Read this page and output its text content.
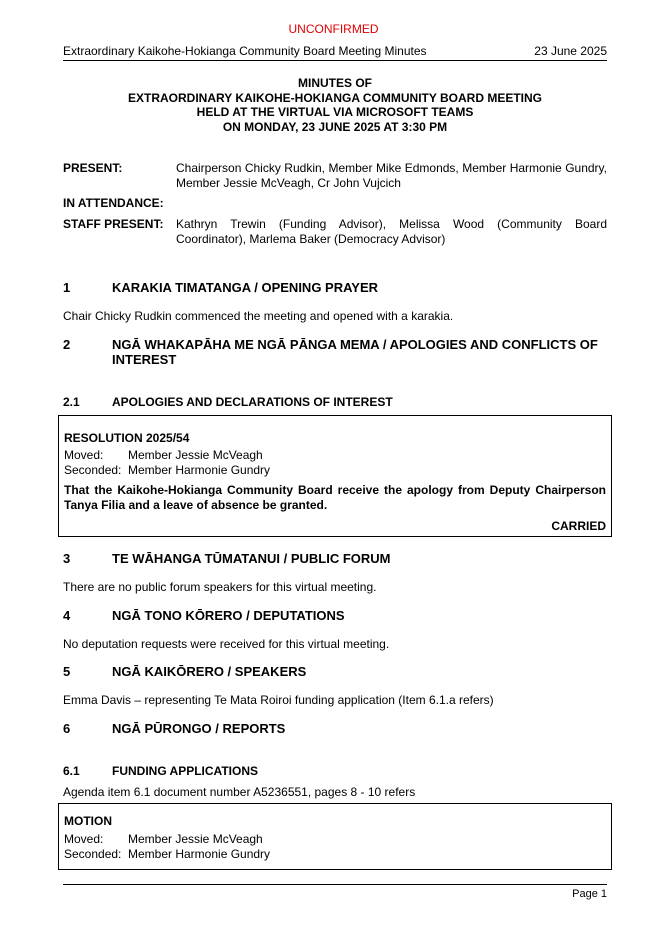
UNCONFIRMED
Extraordinary Kaikohe-Hokianga Community Board Meeting Minutes	23 June 2025
MINUTES OF
EXTRAORDINARY KAIKOHE-HOKIANGA COMMUNITY BOARD MEETING
HELD AT THE VIRTUAL VIA MICROSOFT TEAMS
ON MONDAY, 23 JUNE 2025 AT 3:30 PM
PRESENT:	Chairperson Chicky Rudkin, Member Mike Edmonds, Member Harmonie Gundry, Member Jessie McVeagh, Cr John Vujcich
IN ATTENDANCE:
STAFF PRESENT: Kathryn Trewin (Funding Advisor), Melissa Wood (Community Board Coordinator), Marlema Baker (Democracy Advisor)
1	KARAKIA TIMATANGA / OPENING PRAYER
Chair Chicky Rudkin commenced the meeting and opened with a karakia.
2	NGĀ WHAKAPĀHA ME NGĀ PĀNGA MEMA / APOLOGIES AND CONFLICTS OF INTEREST
2.1	APOLOGIES AND DECLARATIONS OF INTEREST
RESOLUTION 2025/54
Moved: Member Jessie McVeagh
Seconded: Member Harmonie Gundry
That the Kaikohe-Hokianga Community Board receive the apology from Deputy Chairperson Tanya Filia and a leave of absence be granted.
CARRIED
3	TE WĀHANGA TŪMATANUI / PUBLIC FORUM
There are no public forum speakers for this virtual meeting.
4	NGĀ TONO KŌRERO / DEPUTATIONS
No deputation requests were received for this virtual meeting.
5	NGĀ KAIKŌRERO / SPEAKERS
Emma Davis – representing Te Mata Roiroi funding application (Item 6.1.a refers)
6	NGĀ PŪRONGO / REPORTS
6.1	FUNDING APPLICATIONS
Agenda item 6.1 document number A5236551, pages 8 - 10 refers
MOTION
Moved: Member Jessie McVeagh
Seconded: Member Harmonie Gundry
Page 1
